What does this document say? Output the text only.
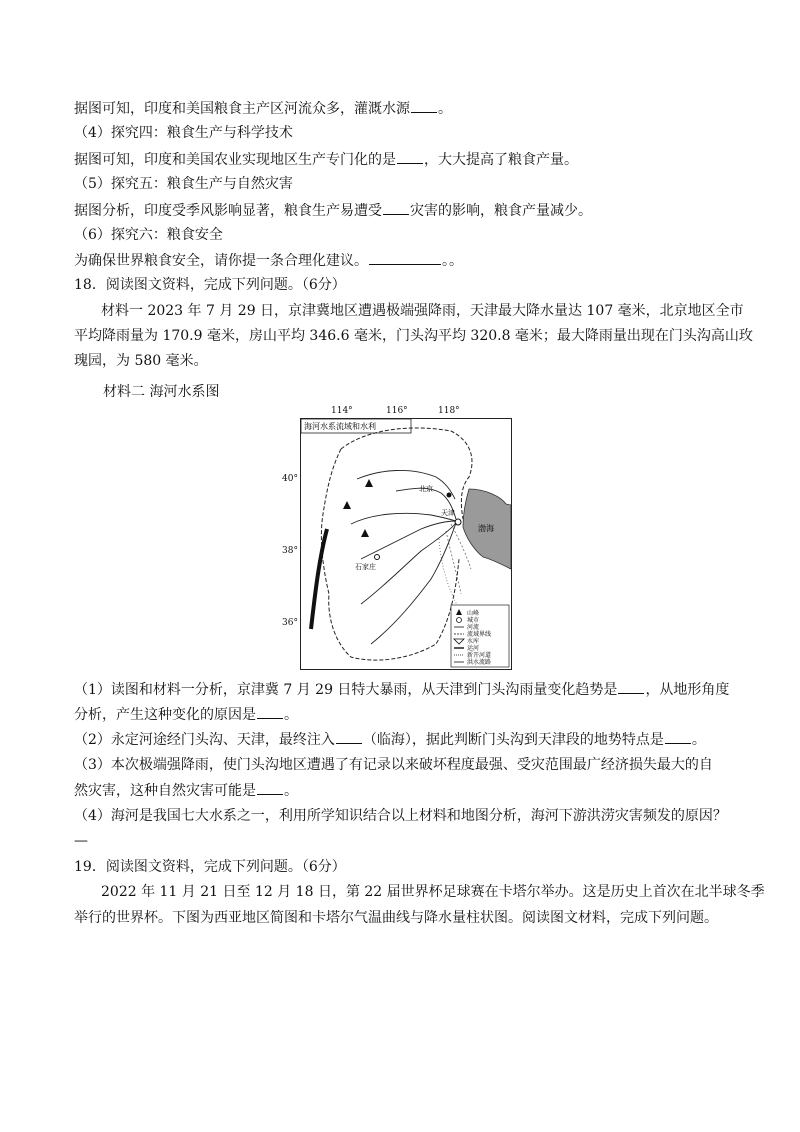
据图可知，印度和美国粮食主产区河流众多，灌溉水源 。
（4）探究四：粮食生产与科学技术
据图可知，印度和美国农业实现地区生产专门化的是 ，大大提高了粮食产量。
（5）探究五：粮食生产与自然灾害
据图分析，印度受季风影响显著，粮食生产易遭受 灾害的影响，粮食产量减少。
（6）探究六：粮食安全
为确保世界粮食安全，请你提一条合理化建议。	。。
18．阅读图文资料，完成下列问题。（6分）
材料一 2023 年 7 月 29 日，京津冀地区遭遇极端强降雨，天津最大降水量达 107 毫米，北京地区全市
平均降雨量为 170.9 毫米，房山平均 346.6 毫米，门头沟平均 320.8 毫米；最大降雨量出现在门头沟高山玫
瑰园，为 580 毫米。
材料二 海河水系图
114°	116°	118°
40°
38°
36°
海河水系流域和水利
渤海
北京
天津
石家庄
山峰
城市
河流
流域界线
水库
运河
新开河道
洪水流路
（1）读图和材料一分析，京津冀 7 月 29 日特大暴雨，从天津到门头沟雨量变化趋势是 ，从地形角度
分析，产生这种变化的原因是 。
（2）永定河途经门头沟、天津，最终注入 （临海），据此判断门头沟到天津段的地势特点是 。
（3）本次极端强降雨，使门头沟地区遭遇了有记录以来破坏程度最强、受灾范围最广经济损失最大的自
然灾害，这种自然灾害可能是 。
（4）海河是我国七大水系之一，利用所学知识结合以上材料和地图分析，海河下游洪涝灾害频发的原因？
—
19．阅读图文资料，完成下列问题。（6分）
2022 年 11 月 21 日至 12 月 18 日，第 22 届世界杯足球赛在卡塔尔举办。这是历史上首次在北半球冬季
举行的世界杯。下图为西亚地区简图和卡塔尔气温曲线与降水量柱状图。阅读图文材料，完成下列问题。
